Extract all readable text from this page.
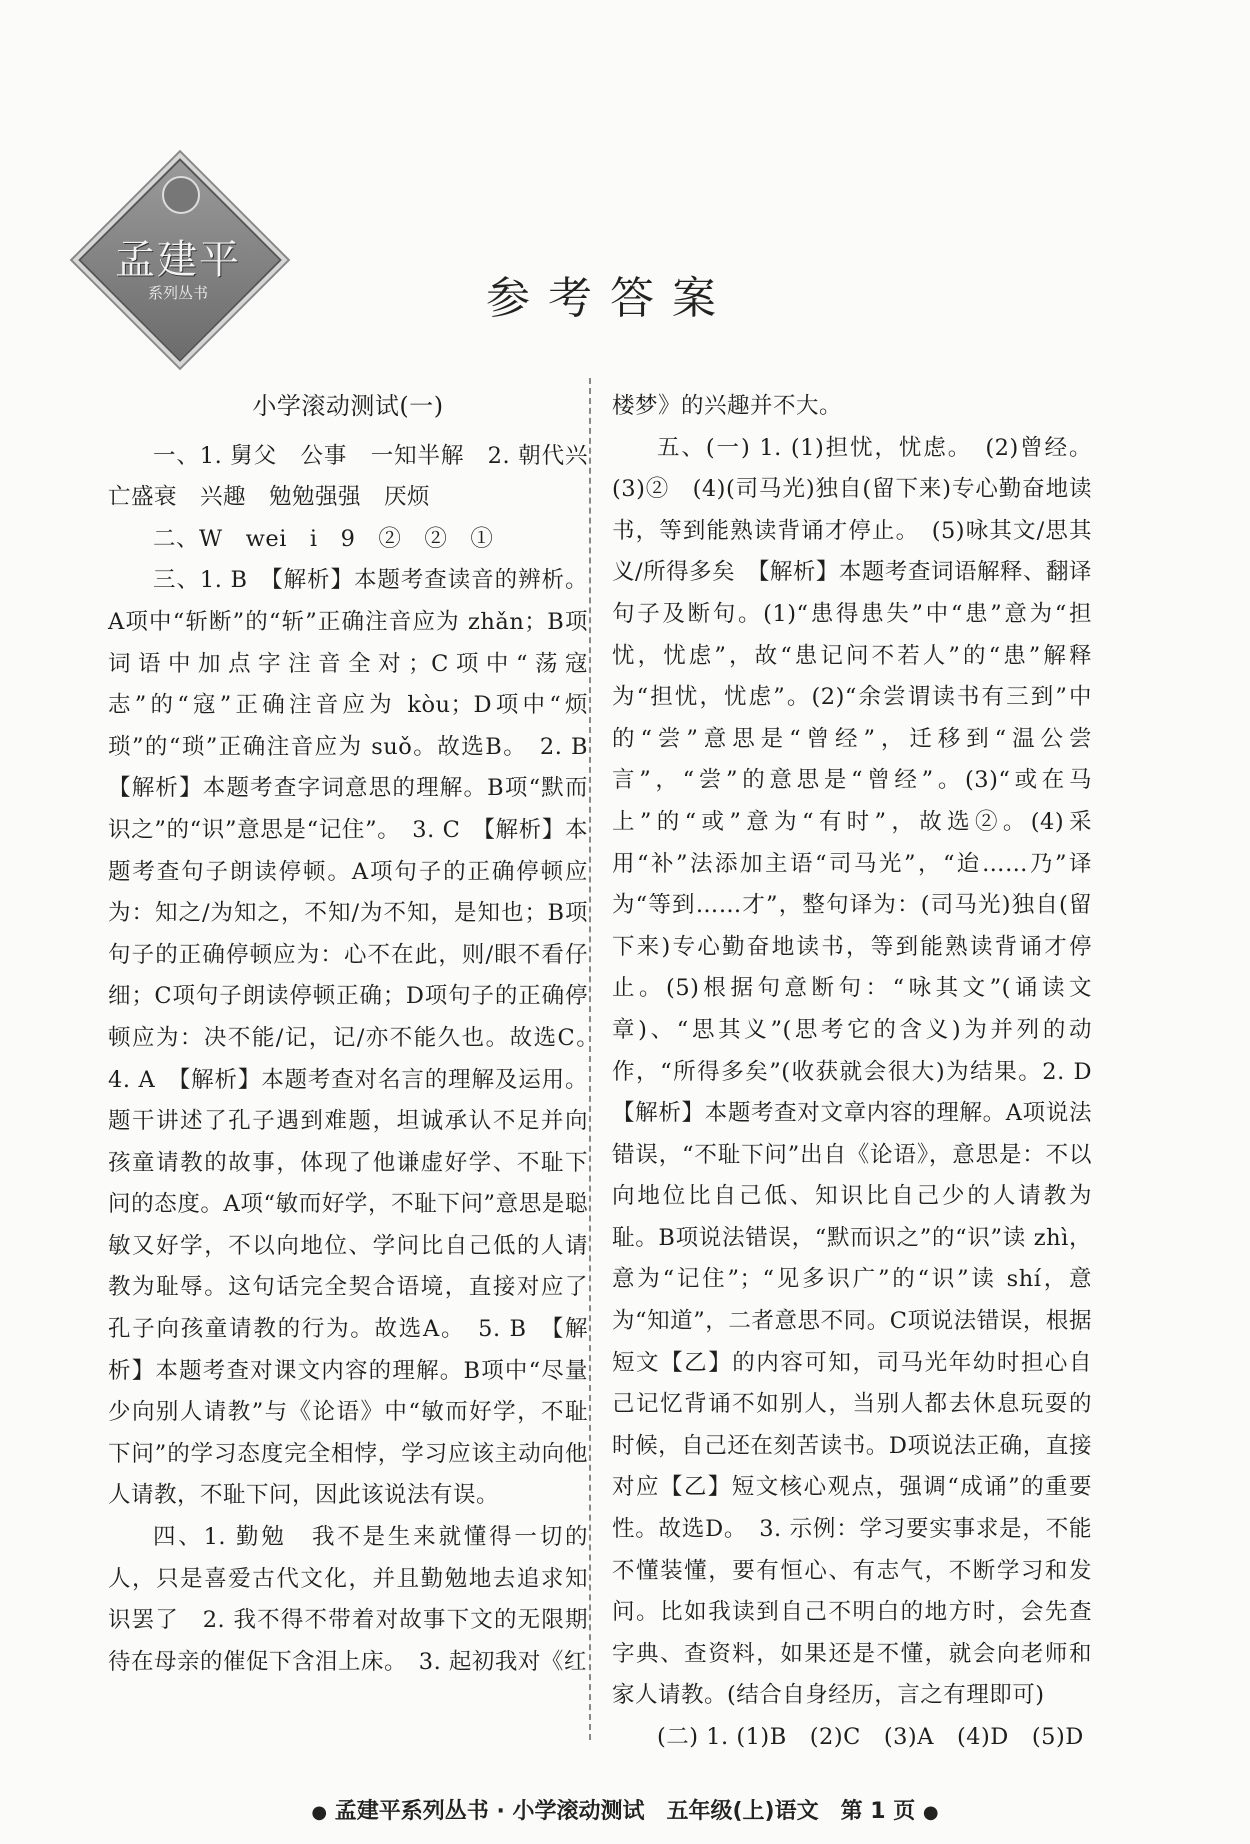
孟建平
系列丛书	参考答案

小学滚动测试(一)

一、1. 舅父　公事　一知半解　2. 朝代兴亡盛衰　兴趣　勉勉强强　厌烦

二、W　wei　i　9　②　②　①

三、1. B　【解析】本题考查读音的辨析。A项中“斩断”的“斩”正确注音应为 zhǎn；B项词语中加点字注音全对；C项中“荡寇志”的“寇”正确注音应为 kòu；D项中“烦琐”的“琐”正确注音应为 suǒ。故选B。　2. B　【解析】本题考查字词意思的理解。B项“默而识之”的“识”意思是“记住”。　3. C　【解析】本题考查句子朗读停顿。A项句子的正确停顿应为：知之/为知之，不知/为不知，是知也；B项句子的正确停顿应为：心不在此，则/眼不看仔细；C项句子朗读停顿正确；D项句子的正确停顿应为：决不能/记，记/亦不能久也。故选C。　4. A　【解析】本题考查对名言的理解及运用。题干讲述了孔子遇到难题，坦诚承认不足并向孩童请教的故事，体现了他谦虚好学、不耻下问的态度。A项“敏而好学，不耻下问”意思是聪敏又好学，不以向地位、学问比自己低的人请教为耻辱。这句话完全契合语境，直接对应了孔子向孩童请教的行为。故选A。　5. B　【解析】本题考查对课文内容的理解。B项中“尽量少向别人请教”与《论语》中“敏而好学，不耻下问”的学习态度完全相悖，学习应该主动向他人请教，不耻下问，因此该说法有误。

四、1. 勤勉　我不是生来就懂得一切的人，只是喜爱古代文化，并且勤勉地去追求知识罢了　2. 我不得不带着对故事下文的无限期待在母亲的催促下含泪上床。　3. 起初我对《红

楼梦》的兴趣并不大。

五、(一) 1. (1)担忧，忧虑。　(2)曾经。(3)②　(4)(司马光)独自(留下来)专心勤奋地读书，等到能熟读背诵才停止。　(5)咏其文/思其义/所得多矣　【解析】本题考查词语解释、翻译句子及断句。(1)“患得患失”中“患”意为“担忧，忧虑”，故“患记问不若人”的“患”解释为“担忧，忧虑”。(2)“余尝谓读书有三到”中的“尝”意思是“曾经”，迁移到“温公尝言”，“尝”的意思是“曾经”。(3)“或在马上”的“或”意为“有时”，故选②。(4)采用“补”法添加主语“司马光”，“迨……乃”译为“等到……才”，整句译为：(司马光)独自(留下来)专心勤奋地读书，等到能熟读背诵才停止。(5)根据句意断句：“咏其文”(诵读文章)、“思其义”(思考它的含义)为并列的动作，“所得多矣”(收获就会很大)为结果。2. D　【解析】本题考查对文章内容的理解。A项说法错误，“不耻下问”出自《论语》，意思是：不以向地位比自己低、知识比自己少的人请教为耻。B项说法错误，“默而识之”的“识”读 zhì，意为“记住”；“见多识广”的“识”读 shí，意为“知道”，二者意思不同。C项说法错误，根据短文【乙】的内容可知，司马光年幼时担心自己记忆背诵不如别人，当别人都去休息玩耍的时候，自己还在刻苦读书。D项说法正确，直接对应【乙】短文核心观点，强调“成诵”的重要性。故选D。　3. 示例：学习要实事求是，不能不懂装懂，要有恒心、有志气，不断学习和发问。比如我读到自己不明白的地方时，会先查字典、查资料，如果还是不懂，就会向老师和家人请教。(结合自身经历，言之有理即可)

(二) 1. (1)B　(2)C　(3)A　(4)D　(5)D

● 孟建平系列丛书 · 小学滚动测试　五年级(上)语文　第 1 页 ●
